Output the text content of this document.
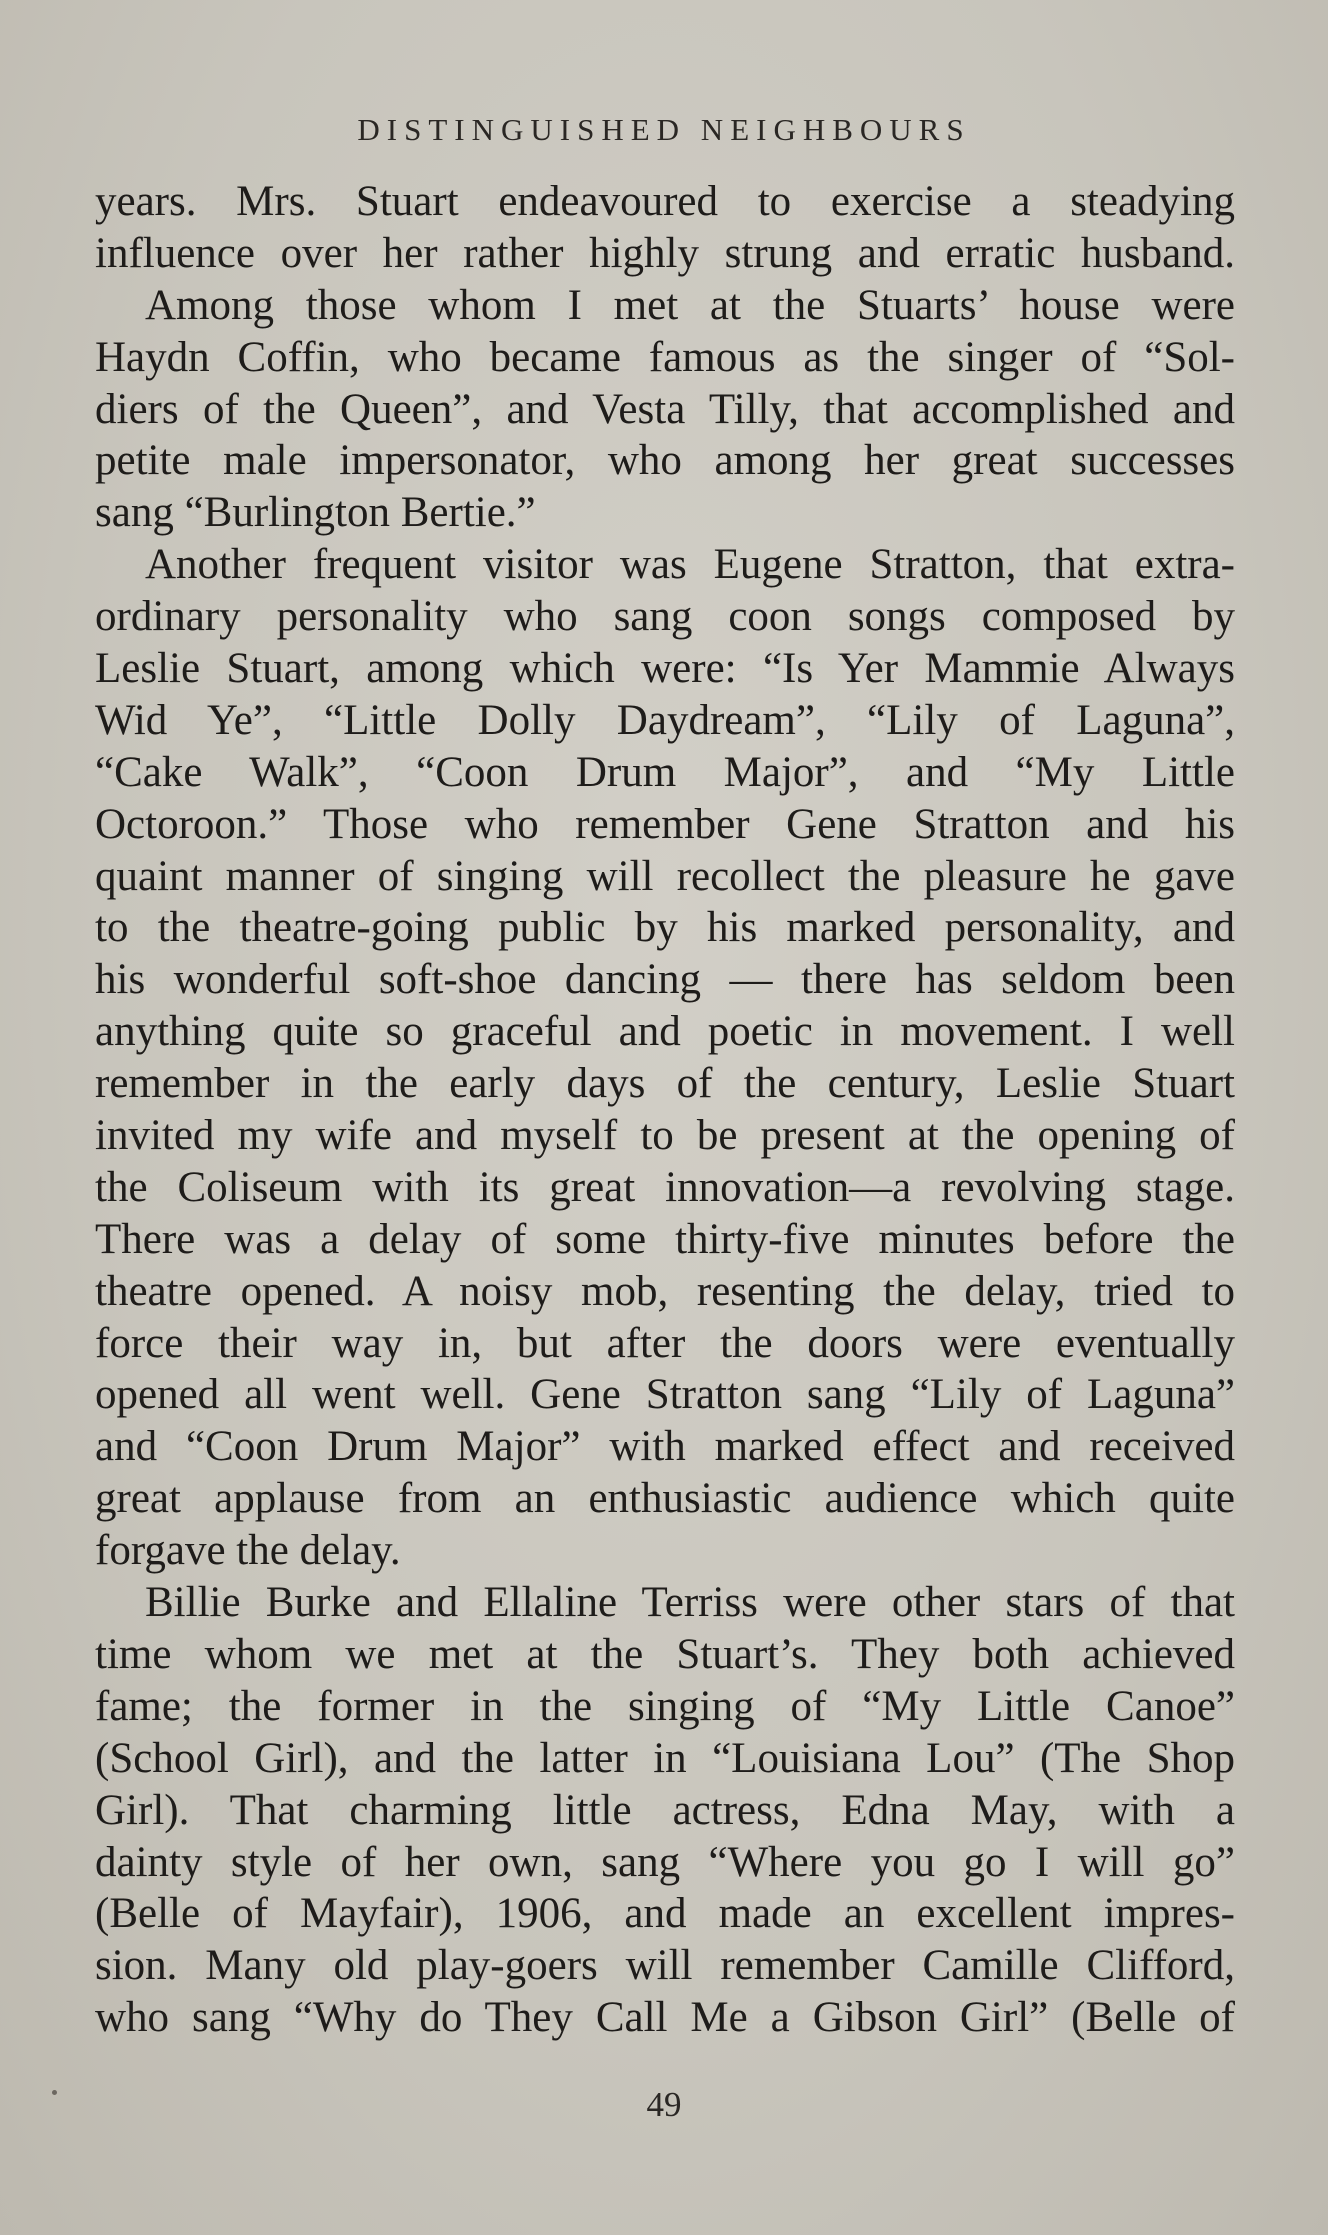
DISTINGUISHED NEIGHBOURS
years. Mrs. Stuart endeavoured to exercise a steadying
influence over her rather highly strung and erratic husband.
Among those whom I met at the Stuarts’ house were
Haydn Coffin, who became famous as the singer of “Sol‐
diers of the Queen”, and Vesta Tilly, that accomplished and
petite male impersonator, who among her great successes
sang “Burlington Bertie.”
Another frequent visitor was Eugene Stratton, that extra‐
ordinary personality who sang coon songs composed by
Leslie Stuart, among which were: “Is Yer Mammie Always
Wid Ye”, “Little Dolly Daydream”, “Lily of Laguna”,
“Cake Walk”, “Coon Drum Major”, and “My Little
Octoroon.” Those who remember Gene Stratton and his
quaint manner of singing will recollect the pleasure he gave
to the theatre‐going public by his marked personality, and
his wonderful soft‐shoe dancing — there has seldom been
anything quite so graceful and poetic in movement. I well
remember in the early days of the century, Leslie Stuart
invited my wife and myself to be present at the opening of
the Coliseum with its great innovation—a revolving stage.
There was a delay of some thirty‐five minutes before the
theatre opened. A noisy mob, resenting the delay, tried to
force their way in, but after the doors were eventually
opened all went well. Gene Stratton sang “Lily of Laguna”
and “Coon Drum Major” with marked effect and received
great applause from an enthusiastic audience which quite
forgave the delay.
Billie Burke and Ellaline Terriss were other stars of that
time whom we met at the Stuart’s. They both achieved
fame; the former in the singing of “My Little Canoe”
(School Girl), and the latter in “Louisiana Lou” (The Shop
Girl). That charming little actress, Edna May, with a
dainty style of her own, sang “Where you go I will go”
(Belle of Mayfair), 1906, and made an excellent impres‐
sion. Many old play‐goers will remember Camille Clifford,
who sang “Why do They Call Me a Gibson Girl” (Belle of
49
